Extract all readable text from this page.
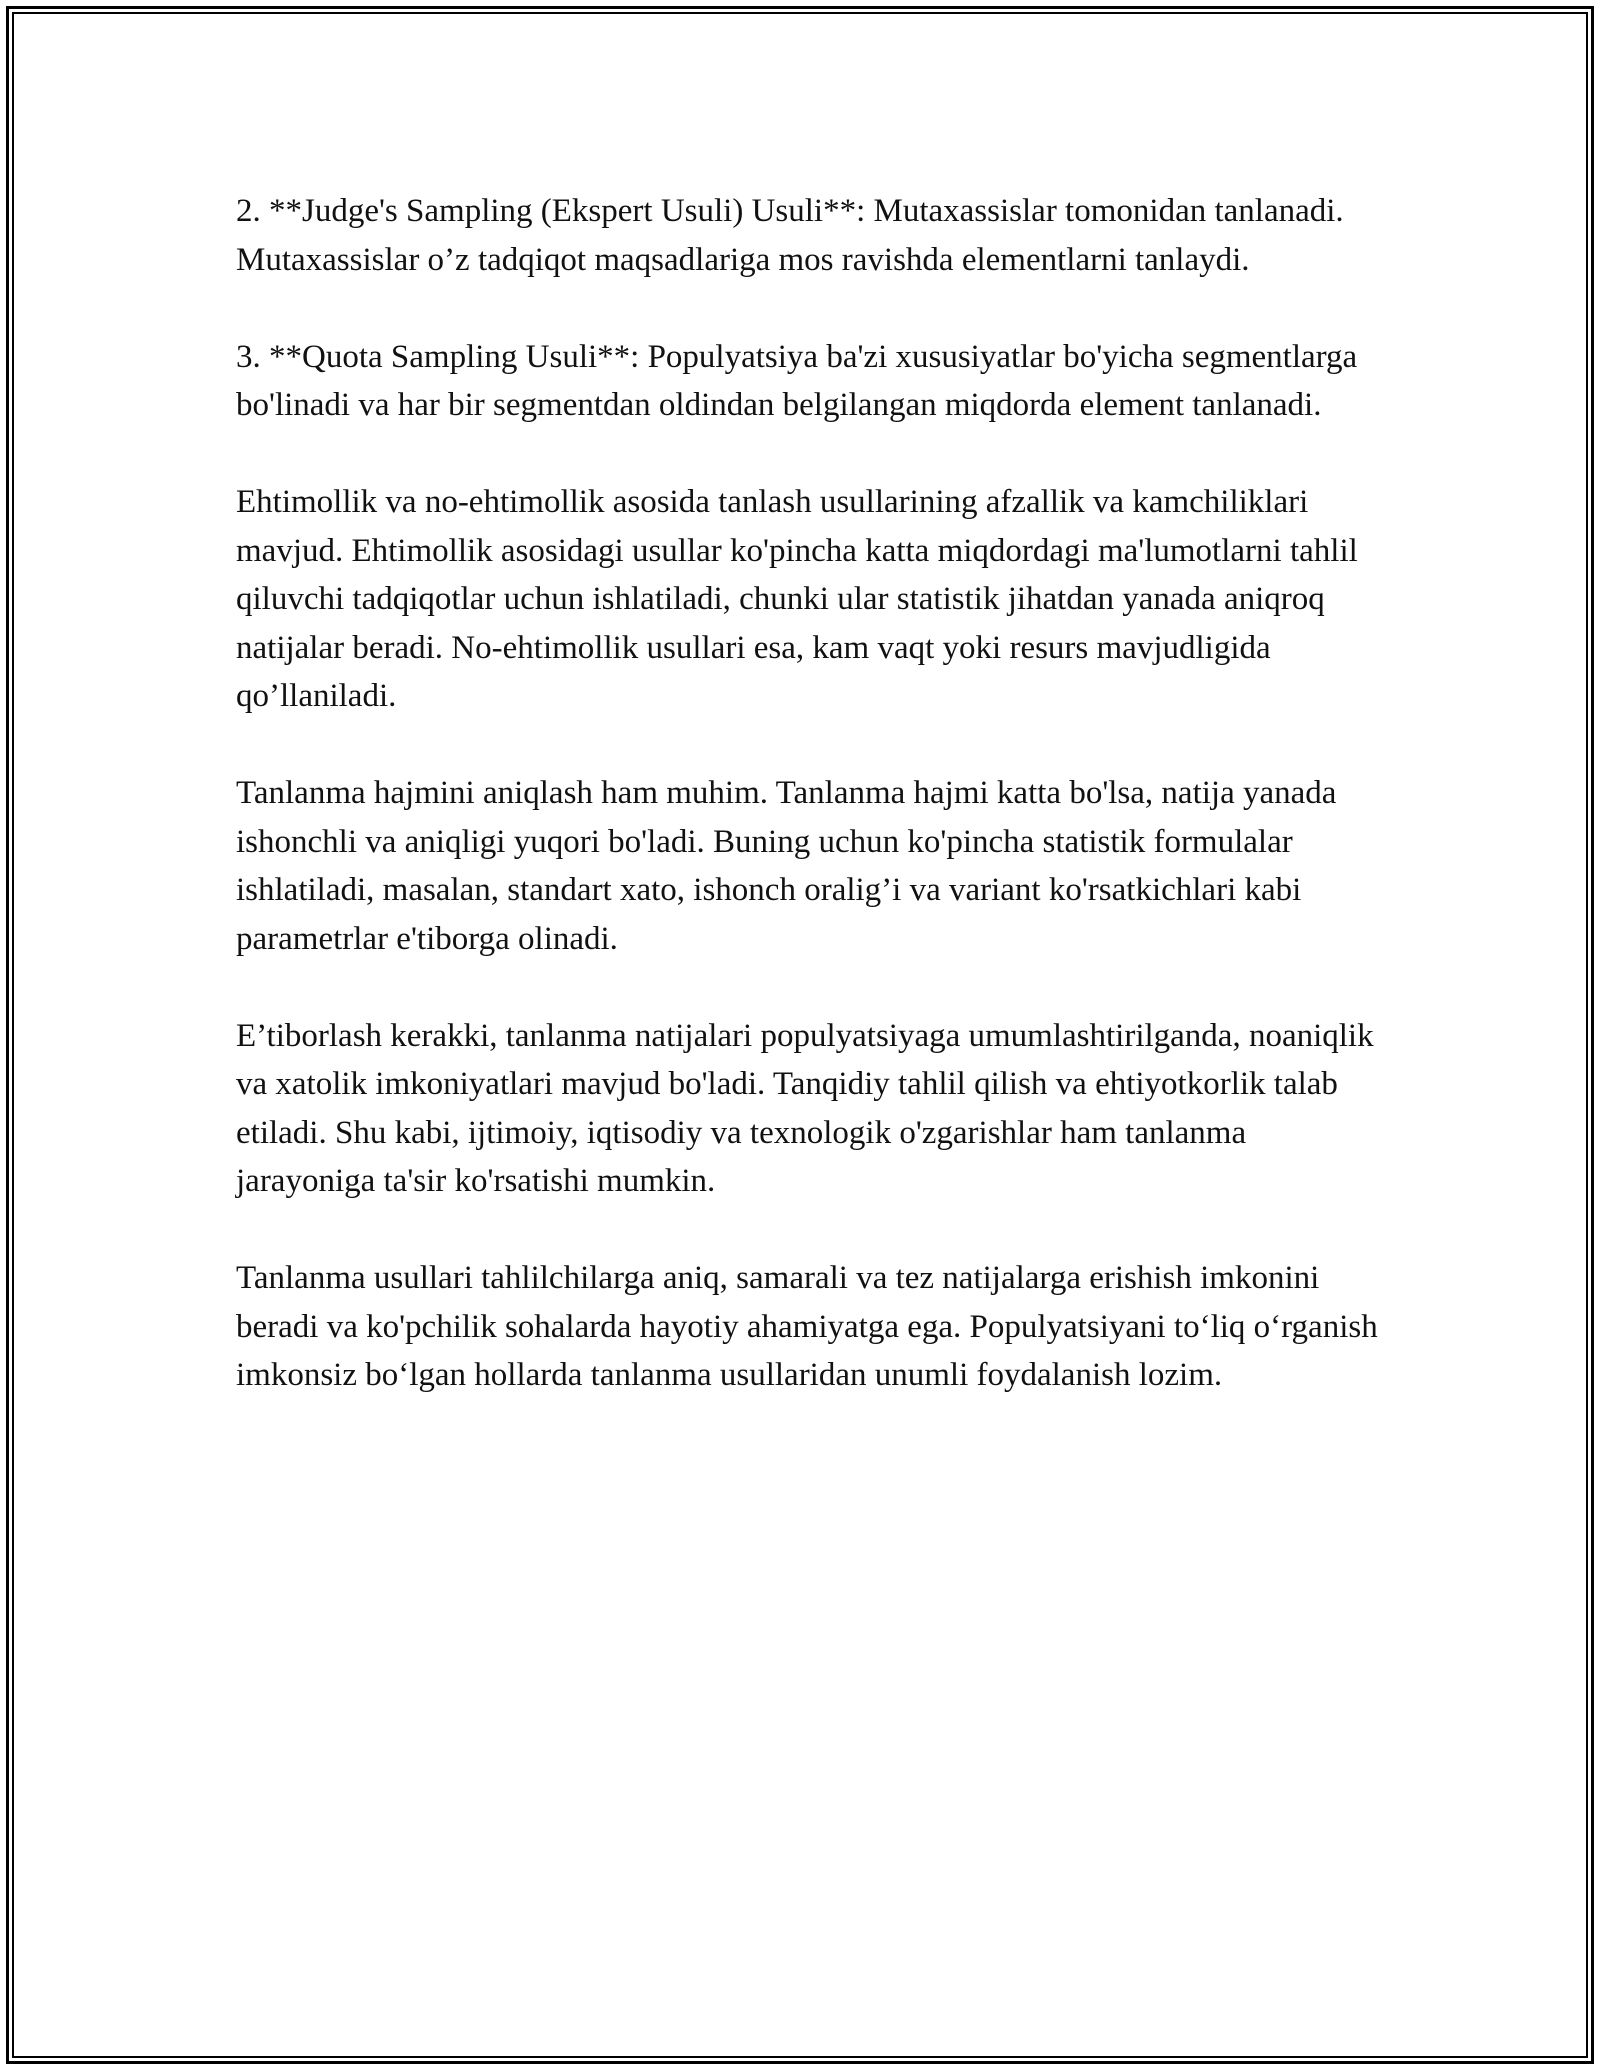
2. **Judge's Sampling (Ekspert Usuli) Usuli**: Mutaxassislar tomonidan tanlanadi. Mutaxassislar o’z tadqiqot maqsadlariga mos ravishda elementlarni tanlaydi.

3. **Quota Sampling Usuli**: Populyatsiya ba'zi xususiyatlar bo'yicha segmentlarga bo'linadi va har bir segmentdan oldindan belgilangan miqdorda element tanlanadi.

Ehtimollik va no-ehtimollik asosida tanlash usullarining afzallik va kamchiliklari mavjud. Ehtimollik asosidagi usullar ko'pincha katta miqdordagi ma'lumotlarni tahlil qiluvchi tadqiqotlar uchun ishlatiladi, chunki ular statistik jihatdan yanada aniqroq natijalar beradi. No-ehtimollik usullari esa, kam vaqt yoki resurs mavjudligida qo’llaniladi.

Tanlanma hajmini aniqlash ham muhim. Tanlanma hajmi katta bo'lsa, natija yanada ishonchli va aniqligi yuqori bo'ladi. Buning uchun ko'pincha statistik formulalar ishlatiladi, masalan, standart xato, ishonch oralig’i va variant ko'rsatkichlari kabi parametrlar e'tiborga olinadi.

E’tiborlash kerakki, tanlanma natijalari populyatsiyaga umumlashtirilganda, noaniqlik va xatolik imkoniyatlari mavjud bo'ladi. Tanqidiy tahlil qilish va ehtiyotkorlik talab etiladi. Shu kabi, ijtimoiy, iqtisodiy va texnologik o'zgarishlar ham tanlanma jarayoniga ta'sir ko'rsatishi mumkin.

Tanlanma usullari tahlilchilarga aniq, samarali va tez natijalarga erishish imkonini beradi va ko'pchilik sohalarda hayotiy ahamiyatga ega. Populyatsiyani to‘liq o‘rganish imkonsiz bo‘lgan hollarda tanlanma usullaridan unumli foydalanish lozim.
